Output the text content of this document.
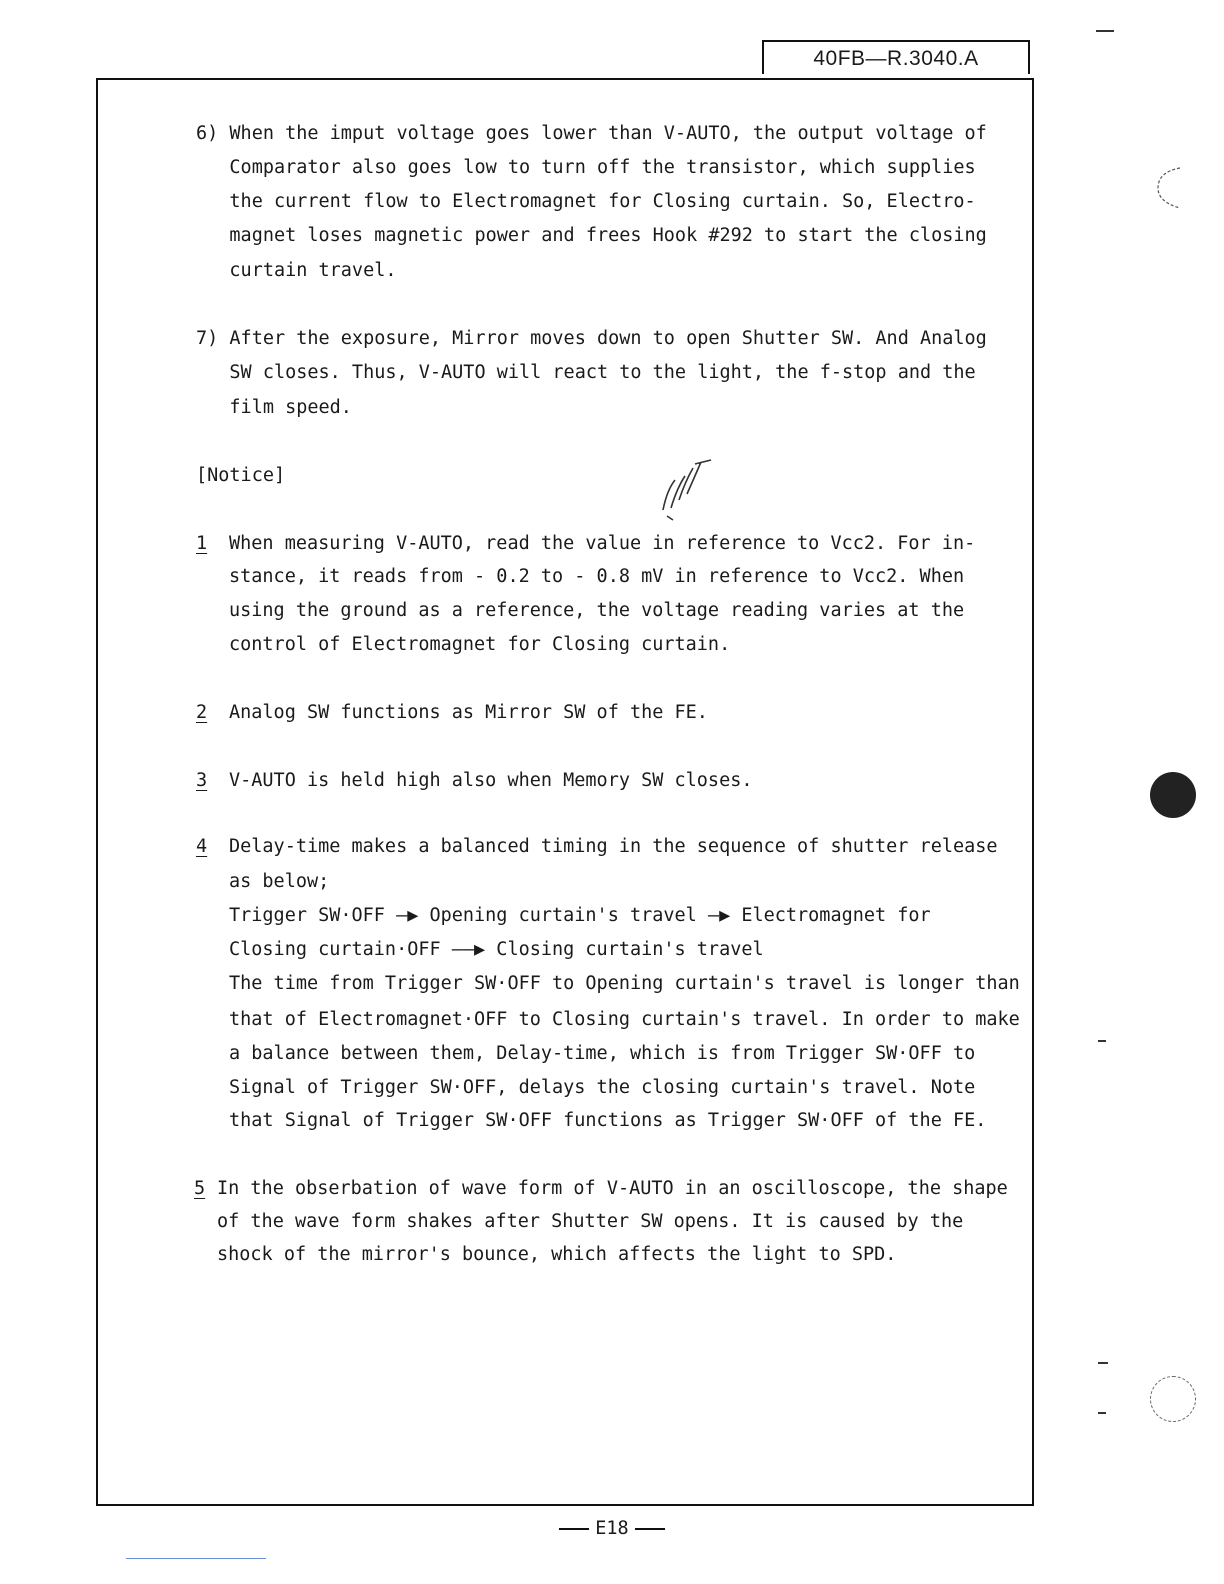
40FB—R.3040.A

6) When the imput voltage goes lower than V-AUTO, the output voltage of

Comparator also goes low to turn off the transistor, which supplies

the current flow to Electromagnet for Closing curtain. So, Electro-

magnet loses magnetic power and frees Hook #292 to start the closing

curtain travel.

7) After the exposure, Mirror moves down to open Shutter SW. And Analog

SW closes. Thus, V-AUTO will react to the light, the f-stop and the

film speed.

[Notice]

1

When measuring V-AUTO, read the value in reference to Vcc2. For in-

stance, it reads from - 0.2 to - 0.8 mV in reference to Vcc2. When

using the ground as a reference, the voltage reading varies at the

control of Electromagnet for Closing curtain.

2

Analog SW functions as Mirror SW of the FE.

3

V-AUTO is held high also when Memory SW closes.

4

Delay-time makes a balanced timing in the sequence of shutter release

as below;

Trigger SW·OFF —▶ Opening curtain's travel —▶ Electromagnet for

Closing curtain·OFF ——▶ Closing curtain's travel

The time from Trigger SW·OFF to Opening curtain's travel is longer than

that of Electromagnet·OFF to Closing curtain's travel. In order to make

a balance between them, Delay-time, which is from Trigger SW·OFF to

Signal of Trigger SW·OFF, delays the closing curtain's travel. Note

that Signal of Trigger SW·OFF functions as Trigger SW·OFF of the FE.

5

In the obserbation of wave form of V-AUTO in an oscilloscope, the shape

of the wave form shakes after Shutter SW opens. It is caused by the

shock of the mirror's bounce, which affects the light to SPD.

E18
